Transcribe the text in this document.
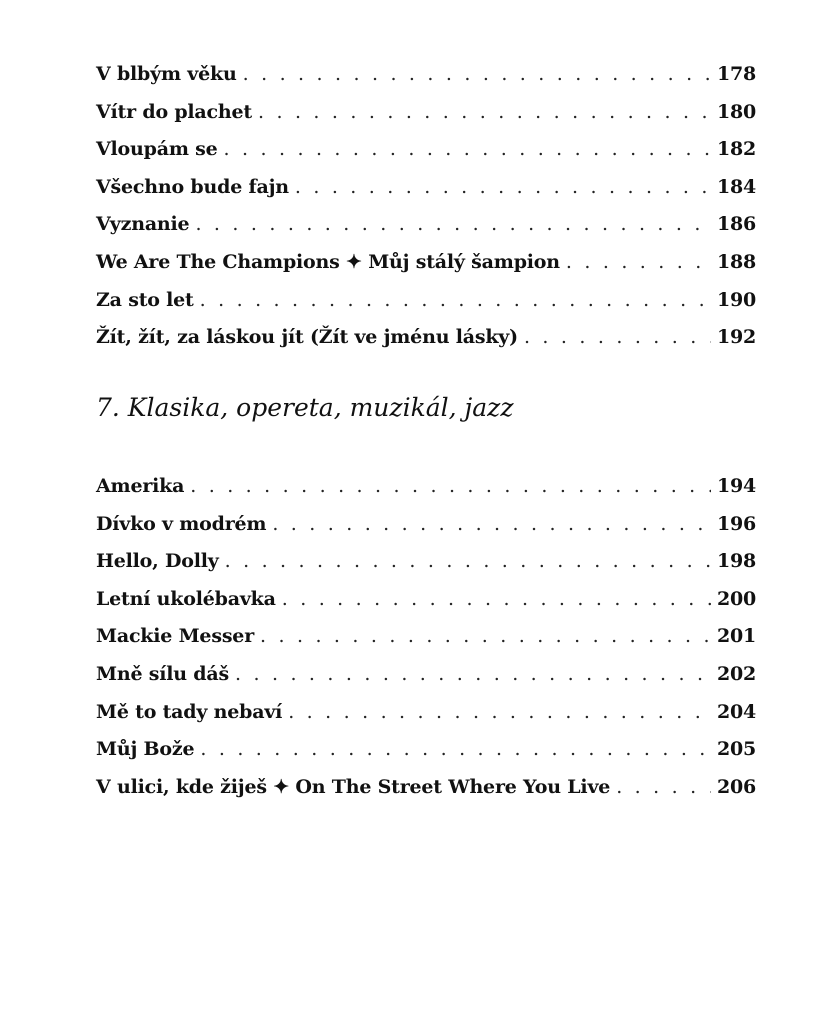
V blbým věku . . .	178
Vítr do plachet . . .	180
Vloupám se . . .	182
Všechno bude fajn . . .	184
Vyznanie . . .	186
We Are The Champions ✦ Můj stálý šampion . . .	188
Za sto let . . .	190
Žít, žít, za láskou jít (Žít ve jménu lásky) . . .	192
7. Klasika, opereta, muzikál, jazz
Amerika . . .	194
Dívko v modrém . . .	196
Hello, Dolly . . .	198
Letní ukolébavka . . .	200
Mackie Messer . . .	201
Mně sílu dáš . . .	202
Mě to tady nebaví . . .	204
Můj Bože . . .	205
V ulici, kde žiješ ✦ On The Street Where You Live . . .	206
